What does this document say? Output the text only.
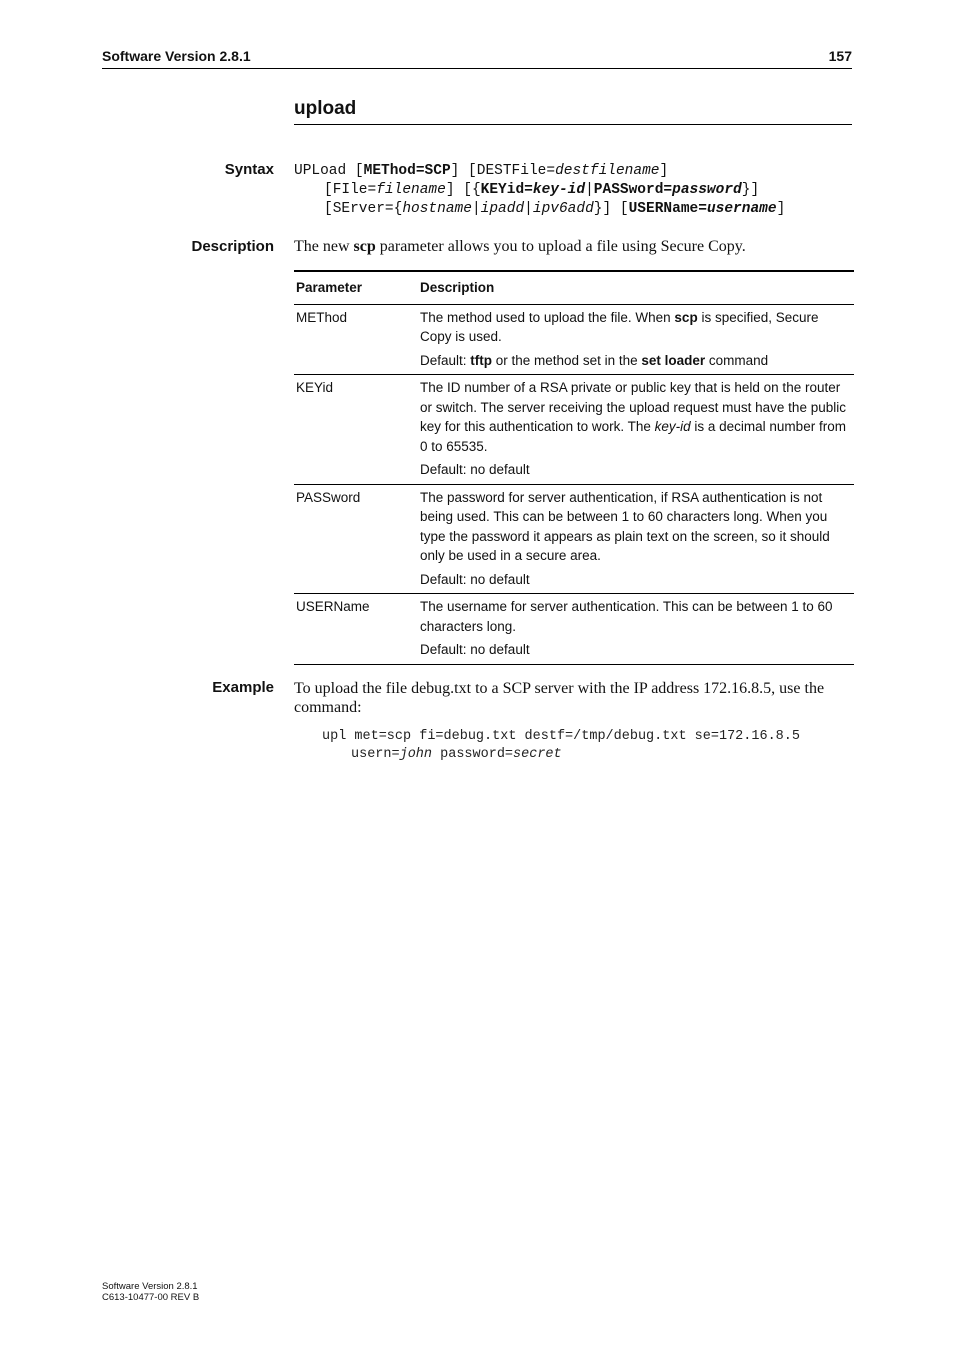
Software Version 2.8.1	157
upload
Syntax UPLoad [METhod=SCP] [DESTFile=destfilename]
[FIle=filename] [{KEYid=key-id|PASSword=password}]
[SErver={hostname|ipadd|ipv6add}] [USERName=username]
Description The new scp parameter allows you to upload a file using Secure Copy.
Parameter	Description
METhod	The method used to upload the file. When scp is specified, Secure Copy is used.
Default: tftp or the method set in the set loader command

KEYid	The ID number of a RSA private or public key that is held on the router or switch. The server receiving the upload request must have the public key for this authentication to work. The key-id is a decimal number from 0 to 65535.
Default: no default

PASSword	The password for server authentication, if RSA authentication is not being used. This can be between 1 to 60 characters long. When you type the password it appears as plain text on the screen, so it should only be used in a secure area.
Default: no default

USERName	The username for server authentication. This can be between 1 to 60 characters long.
Default: no default
Example To upload the file debug.txt to a SCP server with the IP address 172.16.8.5, use the command:
upl met=scp fi=debug.txt destf=/tmp/debug.txt se=172.16.8.5
usern=john password=secret
Software Version 2.8.1
C613-10477-00 REV B
